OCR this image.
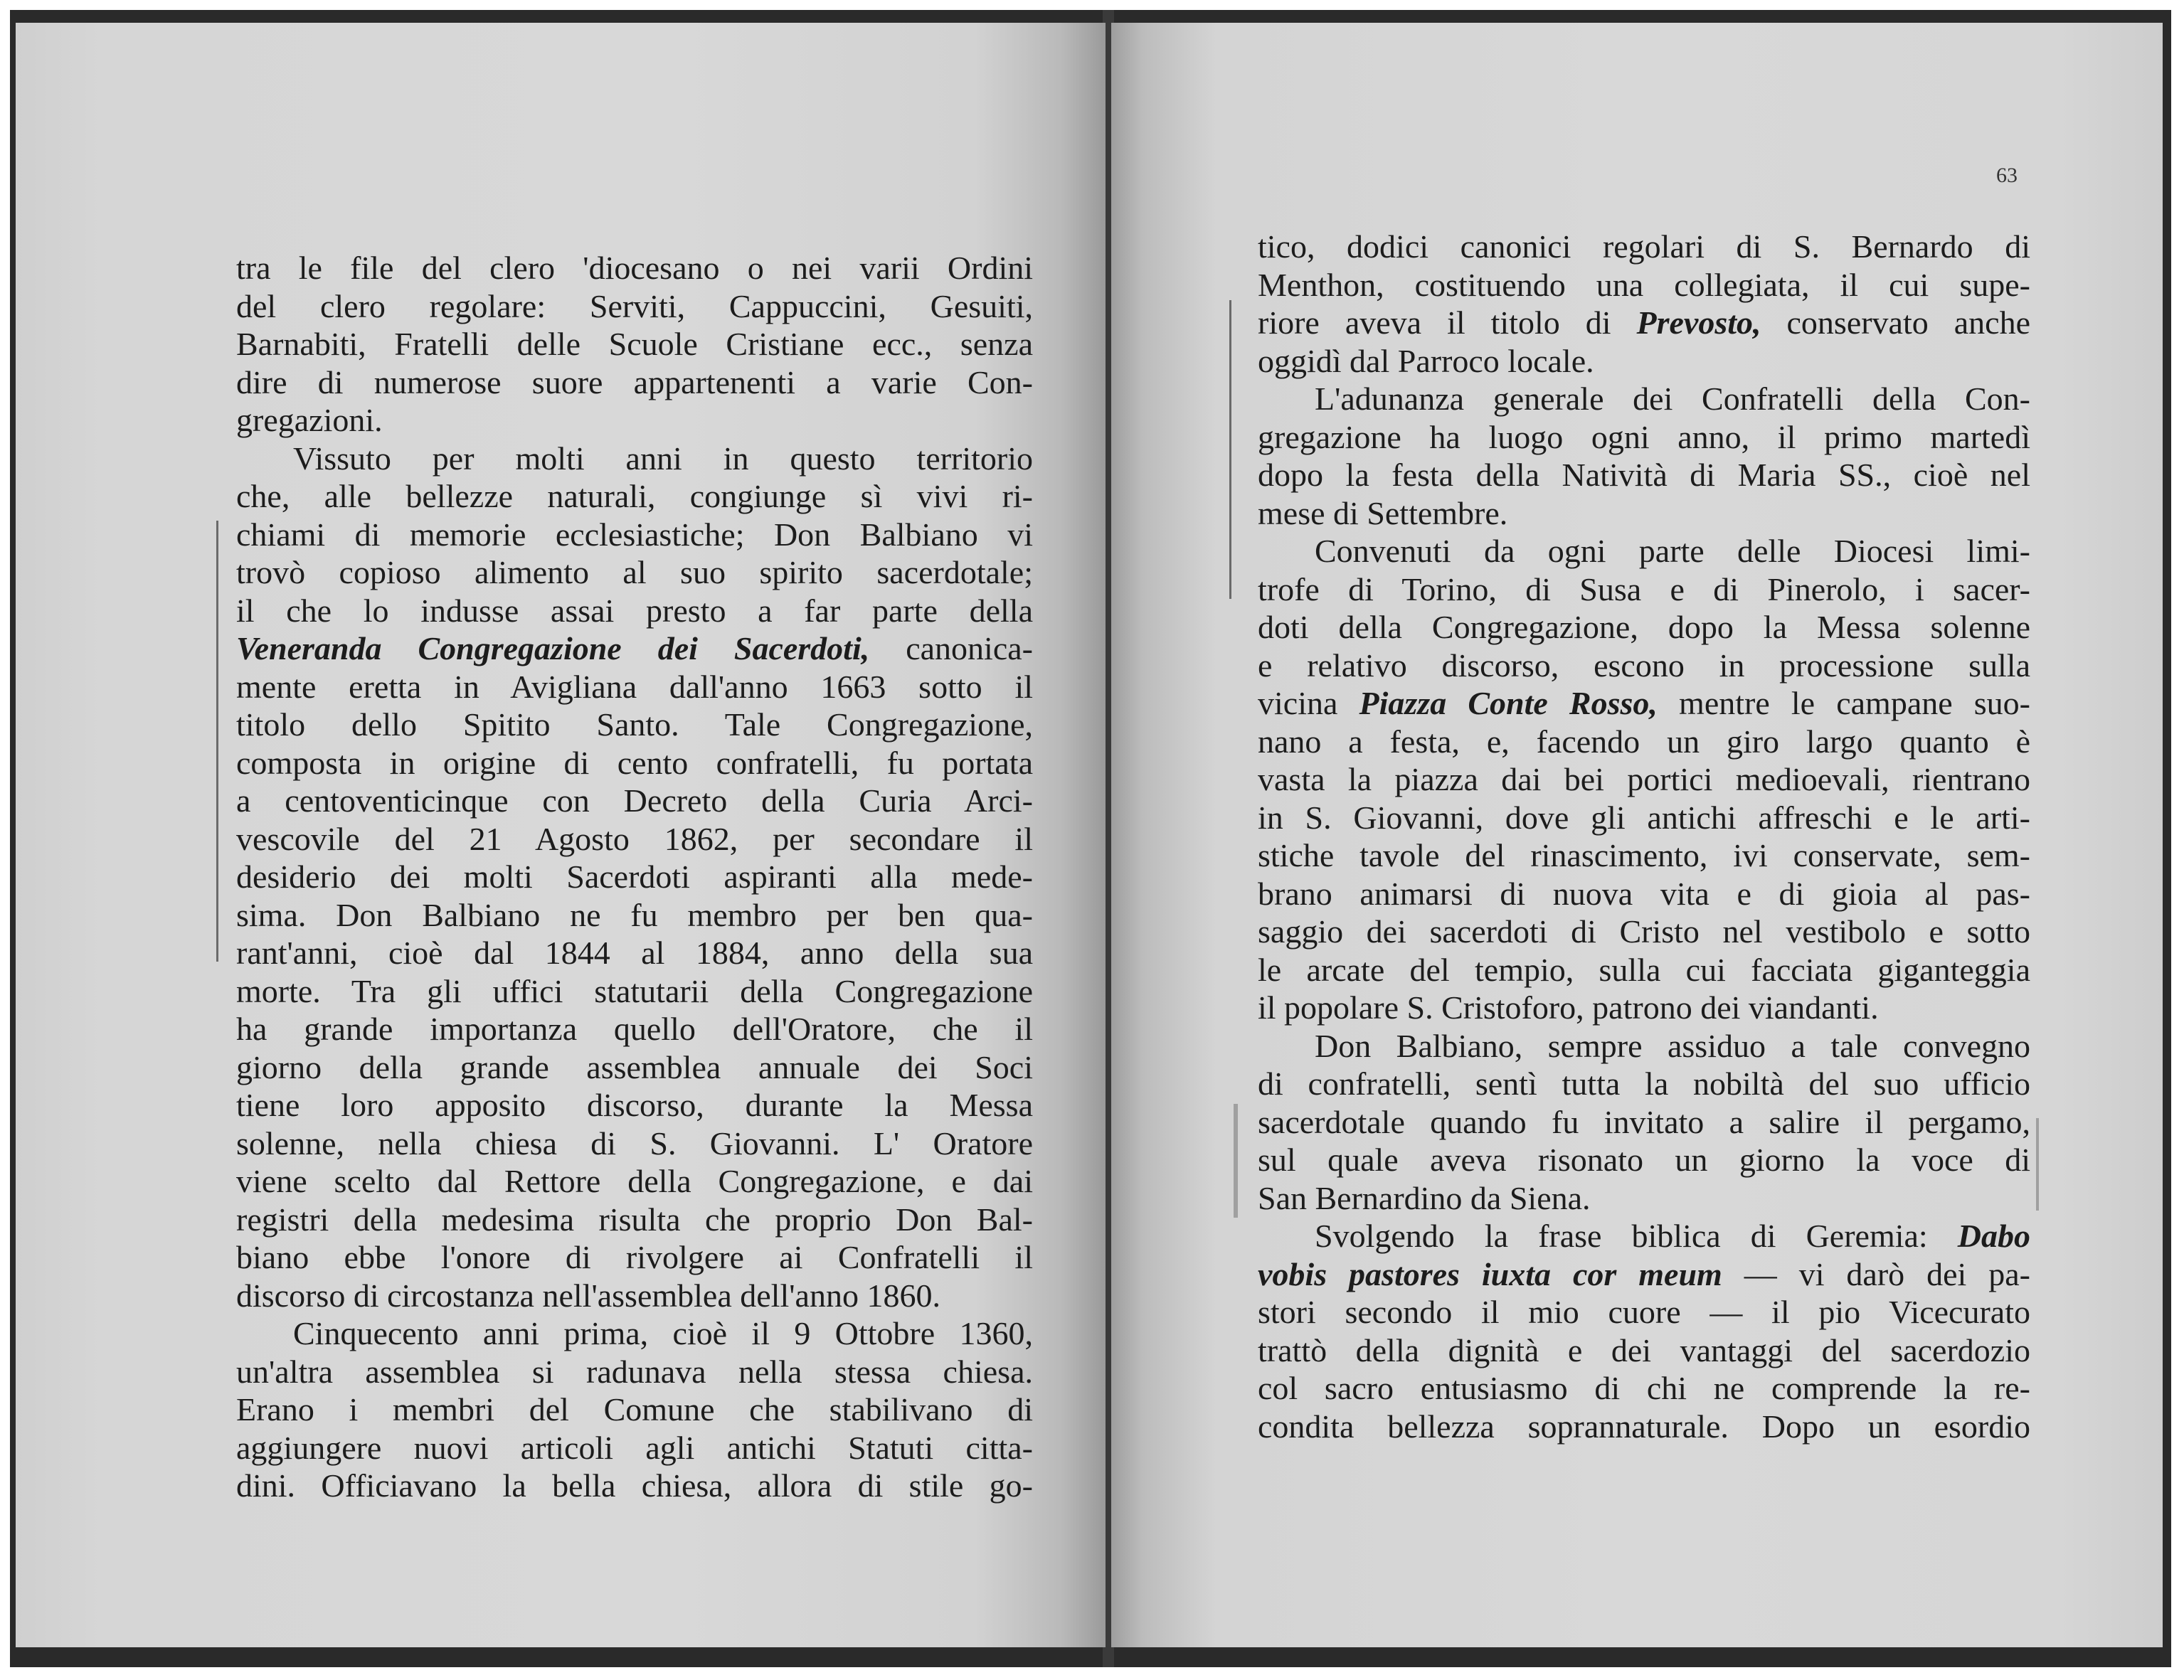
tra le file del clero 'diocesano o nei varii Ordini
del clero regolare: Serviti, Cappuccini, Gesuiti,
Barnabiti, Fratelli delle Scuole Cristiane ecc., senza
dire di numerose suore appartenenti a varie Con-
gregazioni.
Vissuto per molti anni in questo territorio
che, alle bellezze naturali, congiunge sì vivi ri-
chiami di memorie ecclesiastiche; Don Balbiano vi
trovò copioso alimento al suo spirito sacerdotale;
il che lo indusse assai presto a far parte della
Veneranda Congregazione dei Sacerdoti, canonica-
mente eretta in Avigliana dall'anno 1663 sotto il
titolo dello Spitito Santo. Tale Congregazione,
composta in origine di cento confratelli, fu portata
a centoventicinque con Decreto della Curia Arci-
vescovile del 21 Agosto 1862, per secondare il
desiderio dei molti Sacerdoti aspiranti alla mede-
sima. Don Balbiano ne fu membro per ben qua-
rant'anni, cioè dal 1844 al 1884, anno della sua
morte. Tra gli uffici statutarii della Congregazione
ha grande importanza quello dell'Oratore, che il
giorno della grande assemblea annuale dei Soci
tiene loro apposito discorso, durante la Messa
solenne, nella chiesa di S. Giovanni. L' Oratore
viene scelto dal Rettore della Congregazione, e dai
registri della medesima risulta che proprio Don Bal-
biano ebbe l'onore di rivolgere ai Confratelli il
discorso di circostanza nell'assemblea dell'anno 1860.
Cinquecento anni prima, cioè il 9 Ottobre 1360,
un'altra assemblea si radunava nella stessa chiesa.
Erano i membri del Comune che stabilivano di
aggiungere nuovi articoli agli antichi Statuti citta-
dini. Officiavano la bella chiesa, allora di stile go-
63
tico, dodici canonici regolari di S. Bernardo di
Menthon, costituendo una collegiata, il cui supe-
riore aveva il titolo di Prevosto, conservato anche
oggidì dal Parroco locale.
L'adunanza generale dei Confratelli della Con-
gregazione ha luogo ogni anno, il primo martedì
dopo la festa della Natività di Maria SS., cioè nel
mese di Settembre.
Convenuti da ogni parte delle Diocesi limi-
trofe di Torino, di Susa e di Pinerolo, i sacer-
doti della Congregazione, dopo la Messa solenne
e relativo discorso, escono in processione sulla
vicina Piazza Conte Rosso, mentre le campane suo-
nano a festa, e, facendo un giro largo quanto è
vasta la piazza dai bei portici medioevali, rientrano
in S. Giovanni, dove gli antichi affreschi e le arti-
stiche tavole del rinascimento, ivi conservate, sem-
brano animarsi di nuova vita e di gioia al pas-
saggio dei sacerdoti di Cristo nel vestibolo e sotto
le arcate del tempio, sulla cui facciata giganteggia
il popolare S. Cristoforo, patrono dei viandanti.
Don Balbiano, sempre assiduo a tale convegno
di confratelli, sentì tutta la nobiltà del suo ufficio
sacerdotale quando fu invitato a salire il pergamo,
sul quale aveva risonato un giorno la voce di
San Bernardino da Siena.
Svolgendo la frase biblica di Geremia: Dabo
vobis pastores iuxta cor meum — vi darò dei pa-
stori secondo il mio cuore — il pio Vicecurato
trattò della dignità e dei vantaggi del sacerdozio
col sacro entusiasmo di chi ne comprende la re-
condita bellezza soprannaturale. Dopo un esordio
